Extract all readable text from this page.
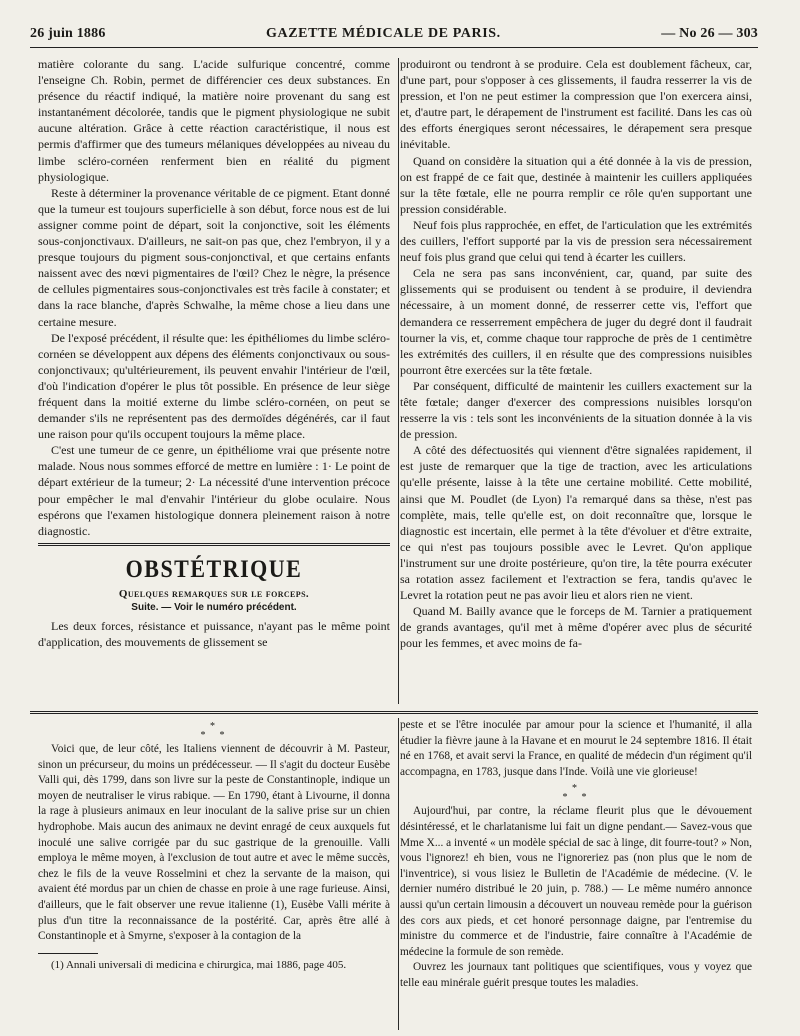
26 juin 1886	GAZETTE MÉDICALE DE PARIS.	— No 26 — 303

matière colorante du sang. L'acide sulfurique concentré, comme l'enseigne Ch. Robin, permet de différencier ces deux substances. En présence du réactif indiqué, la matière noire provenant du sang est instantanément décolorée, tandis que le pigment physiologique ne subit aucune altération. Grâce à cette réaction caractéristique, il nous est permis d'affirmer que des tumeurs mélaniques développées au niveau du limbe scléro-cornéen renferment bien en réalité du pigment physiologique.

Reste à déterminer la provenance véritable de ce pigment. Etant donné que la tumeur est toujours superficielle à son début, force nous est de lui assigner comme point de départ, soit la conjonctive, soit les éléments sous-conjonctivaux. D'ailleurs, ne sait-on pas que, chez l'embryon, il y a presque toujours du pigment sous-conjonctival, et que certains enfants naissent avec des nœvi pigmentaires de l'œil? Chez le nègre, la présence de cellules pigmentaires sous-conjonctivales est très facile à constater; et dans la race blanche, d'après Schwalhe, la même chose a lieu dans une certaine mesure.

De l'exposé précédent, il résulte que: les épithéliomes du limbe scléro-cornéen se développent aux dépens des éléments conjonctivaux ou sous-conjonctivaux; qu'ultérieurement, ils peuvent envahir l'intérieur de l'œil, d'où l'indication d'opérer le plus tôt possible. En présence de leur siège fréquent dans la moitié externe du limbe scléro-cornéen, on peut se demander s'ils ne représentent pas des dermoïdes dégénérés, car il faut une raison pour qu'ils occupent toujours la même place.

C'est une tumeur de ce genre, un épithéliome vrai que présente notre malade. Nous nous sommes efforcé de mettre en lumière : 1· Le point de départ extérieur de la tumeur; 2· La nécessité d'une intervention précoce pour empêcher le mal d'envahir l'intérieur du globe oculaire. Nous espérons que l'examen histologique donnera pleinement raison à notre diagnostic.

OBSTÉTRIQUE
Quelques remarques sur le forceps.
Suite. — Voir le numéro précédent.

Les deux forces, résistance et puissance, n'ayant pas le même point d'application, des mouvements de glissement se

produiront ou tendront à se produire. Cela est doublement fâcheux, car, d'une part, pour s'opposer à ces glissements, il faudra resserrer la vis de pression, et l'on ne peut estimer la compression que l'on exercera ainsi, et, d'autre part, le dérapement de l'instrument est facilité. Dans les cas où des efforts énergiques seront nécessaires, le dérapement sera presque inévitable.

Quand on considère la situation qui a été donnée à la vis de pression, on est frappé de ce fait que, destinée à maintenir les cuillers appliquées sur la tête fœtale, elle ne pourra remplir ce rôle qu'en supportant une pression considérable.

Neuf fois plus rapprochée, en effet, de l'articulation que les extrémités des cuillers, l'effort supporté par la vis de pression sera nécessairement neuf fois plus grand que celui qui tend à écarter les cuillers.

Cela ne sera pas sans inconvénient, car, quand, par suite des glissements qui se produisent ou tendent à se produire, il deviendra nécessaire, à un moment donné, de resserrer cette vis, l'effort que demandera ce resserrement empêchera de juger du degré dont il faudrait tourner la vis, et, comme chaque tour rapproche de près de 1 centimètre les extrémités des cuillers, il en résulte que des compressions nuisibles pourront être exercées sur la tête fœtale.

Par conséquent, difficulté de maintenir les cuillers exactement sur la tête fœtale; danger d'exercer des compressions nuisibles lorsqu'on resserre la vis : tels sont les inconvénients de la situation donnée à la vis de pression.

A côté des défectuosités qui viennent d'être signalées rapidement, il est juste de remarquer que la tige de traction, avec les articulations qu'elle présente, laisse à la tête une certaine mobilité. Cette mobilité, ainsi que M. Poudlet (de Lyon) l'a remarqué dans sa thèse, n'est pas complète, mais, telle qu'elle est, on doit reconnaître que, lorsque le diagnostic est incertain, elle permet à la tête d'évoluer et d'être extraite, ce qui n'est pas toujours possible avec le Levret. Qu'on applique l'instrument sur une droite postérieure, qu'on tire, la tête pourra exécuter sa rotation assez facilement et l'extraction se fera, tandis qu'avec le Levret la rotation peut ne pas avoir lieu et alors rien ne vient.

Quand M. Bailly avance que le forceps de M. Tarnier a pratiquement de grands avantages, qu'il met à même d'opérer avec plus de sécurité pour les femmes, et avec moins de fa-

*
*  *

Voici que, de leur côté, les Italiens viennent de découvrir à M. Pasteur, sinon un précurseur, du moins un prédécesseur. — Il s'agit du docteur Eusèbe Valli qui, dès 1799, dans son livre sur la peste de Constantinople, indique un moyen de neutraliser le virus rabique. — En 1790, étant à Livourne, il donna la rage à plusieurs animaux en leur inoculant de la salive prise sur un chien hydrophobe. Mais aucun des animaux ne devint enragé de ceux auxquels fut inoculé une salive corrigée par du suc gastrique de la grenouille. Valli employa le même moyen, à l'exclusion de tout autre et avec le même succès, chez le fils de la veuve Rosselmini et chez la servante de la maison, qui avaient été mordus par un chien de chasse en proie à une rage furieuse. Ainsi, d'ailleurs, que le fait observer une revue italienne (1), Eusèbe Valli mérite à plus d'un titre la reconnaissance de la postérité. Car, après être allé à Constantinople et à Smyrne, s'exposer à la contagion de la

(1) Annali universali di medicina e chirurgica, mai 1886, page 405.

peste et se l'être inoculée par amour pour la science et l'humanité, il alla étudier la fièvre jaune à la Havane et en mourut le 24 septembre 1816. Il était né en 1768, et avait servi la France, en qualité de médecin d'un régiment qu'il accompagna, en 1783, jusque dans l'Inde. Voilà une vie glorieuse!

*
*  *

Aujourd'hui, par contre, la réclame fleurit plus que le dévouement désintéressé, et le charlatanisme lui fait un digne pendant.— Savez-vous que Mme X... a inventé « un modèle spécial de sac à linge, dit fourre-tout? » Non, vous l'ignorez! eh bien, vous ne l'ignoreriez pas (non plus que le nom de l'inventrice), si vous lisiez le Bulletin de l'Académie de médecine. (V. le dernier numéro distribué le 20 juin, p. 788.) — Le même numéro annonce aussi qu'un certain limousin a découvert un nouveau remède pour la guérison des cors aux pieds, et cet honoré personnage daigne, par l'entremise du ministre du commerce et de l'industrie, faire connaître à l'Académie de médecine la formule de son remède.

Ouvrez les journaux tant politiques que scientifiques, vous y voyez que telle eau minérale guérit presque toutes les maladies.
